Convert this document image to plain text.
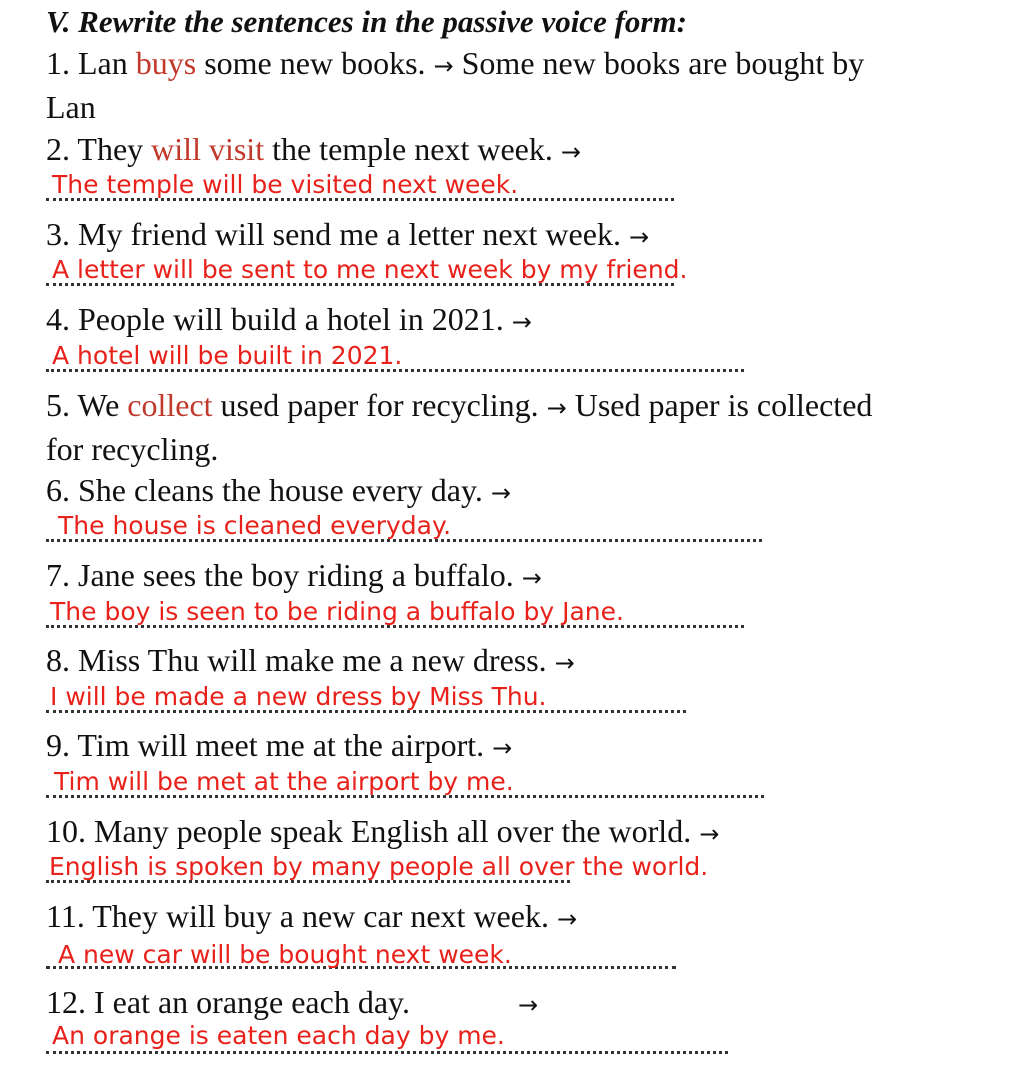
V. Rewrite the sentences in the passive voice form:
1. Lan buys some new books. → Some new books are bought by
Lan
2. They will visit the temple next week. →
The temple will be visited next week.
3. My friend will send me a letter next week. →
A letter will be sent to me next week by my friend.
4. People will build a hotel in 2021. →
A hotel will be built in 2021.
5. We collect used paper for recycling. → Used paper is collected
for recycling.
6. She cleans the house every day. →
The house is cleaned everyday.
7. Jane sees the boy riding a buffalo. →
The boy is seen to be riding a buffalo by Jane.
8. Miss Thu will make me a new dress. →
I will be made a new dress by Miss Thu.
9. Tim will meet me at the airport. →
Tim will be met at the airport by me.
10. Many people speak English all over the world. →
English is spoken by many people all over the world.
11. They will buy a new car next week. →
A new car will be bought next week.
12. I eat an orange each day.	→
An orange is eaten each day by me.
